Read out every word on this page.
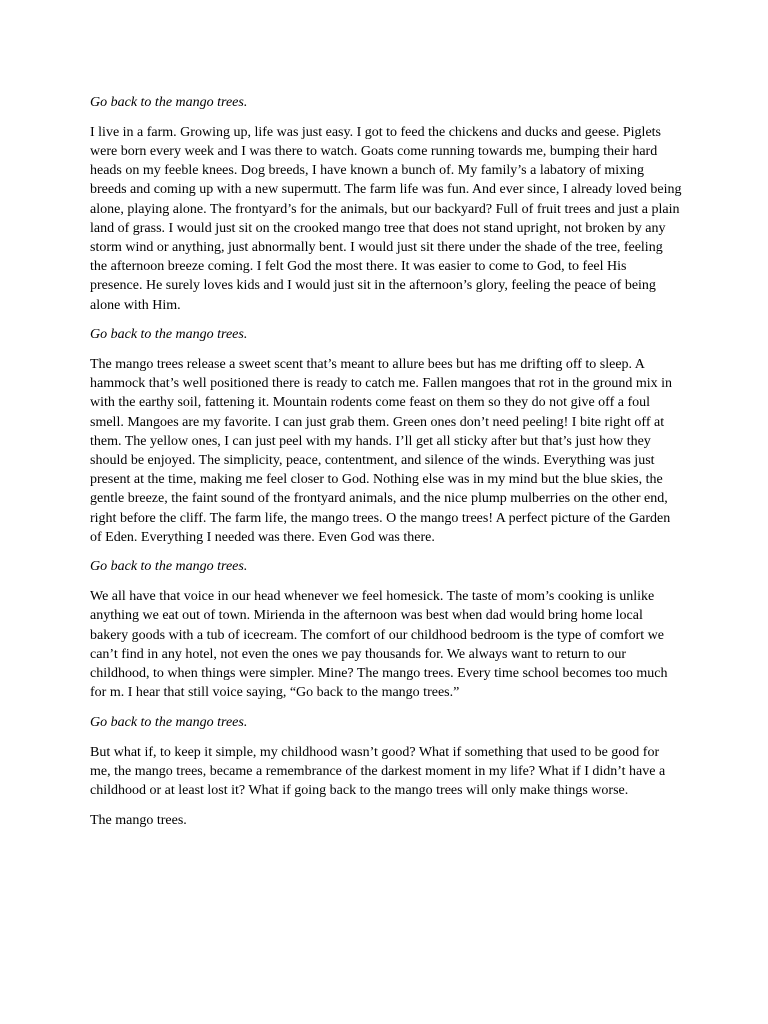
Go back to the mango trees.

I live in a farm. Growing up, life was just easy. I got to feed the chickens and ducks and geese. Piglets were born every week and I was there to watch. Goats come running towards me, bumping their hard heads on my feeble knees. Dog breeds, I have known a bunch of. My family’s a labatory of mixing breeds and coming up with a new supermutt. The farm life was fun. And ever since, I already loved being alone, playing alone. The frontyard’s for the animals, but our backyard? Full of fruit trees and just a plain land of grass. I would just sit on the crooked mango tree that does not stand upright, not broken by any storm wind or anything, just abnormally bent. I would just sit there under the shade of the tree, feeling the afternoon breeze coming. I felt God the most there. It was easier to come to God, to feel His presence. He surely loves kids and I would just sit in the afternoon’s glory, feeling the peace of being alone with Him.

Go back to the mango trees.

The mango trees release a sweet scent that’s meant to allure bees but has me drifting off to sleep. A hammock that’s well positioned there is ready to catch me. Fallen mangoes that rot in the ground mix in with the earthy soil, fattening it. Mountain rodents come feast on them so they do not give off a foul smell. Mangoes are my favorite. I can just grab them. Green ones don’t need peeling! I bite right off at them. The yellow ones, I can just peel with my hands. I’ll get all sticky after but that’s just how they should be enjoyed. The simplicity, peace, contentment, and silence of the winds. Everything was just present at the time, making me feel closer to God. Nothing else was in my mind but the blue skies, the gentle breeze, the faint sound of the frontyard animals, and the nice plump mulberries on the other end, right before the cliff. The farm life, the mango trees. O the mango trees! A perfect picture of the Garden of Eden. Everything I needed was there. Even God was there.

Go back to the mango trees.

We all have that voice in our head whenever we feel homesick. The taste of mom’s cooking is unlike anything we eat out of town. Mirienda in the afternoon was best when dad would bring home local bakery goods with a tub of icecream. The comfort of our childhood bedroom is the type of comfort we can’t find in any hotel, not even the ones we pay thousands for. We always want to return to our childhood, to when things were simpler. Mine? The mango trees. Every time school becomes too much for m. I hear that still voice saying, “Go back to the mango trees.”

Go back to the mango trees.

But what if, to keep it simple, my childhood wasn’t good? What if something that used to be good for me, the mango trees, became a remembrance of the darkest moment in my life? What if I didn’t have a childhood or at least lost it? What if going back to the mango trees will only make things worse.

The mango trees.
